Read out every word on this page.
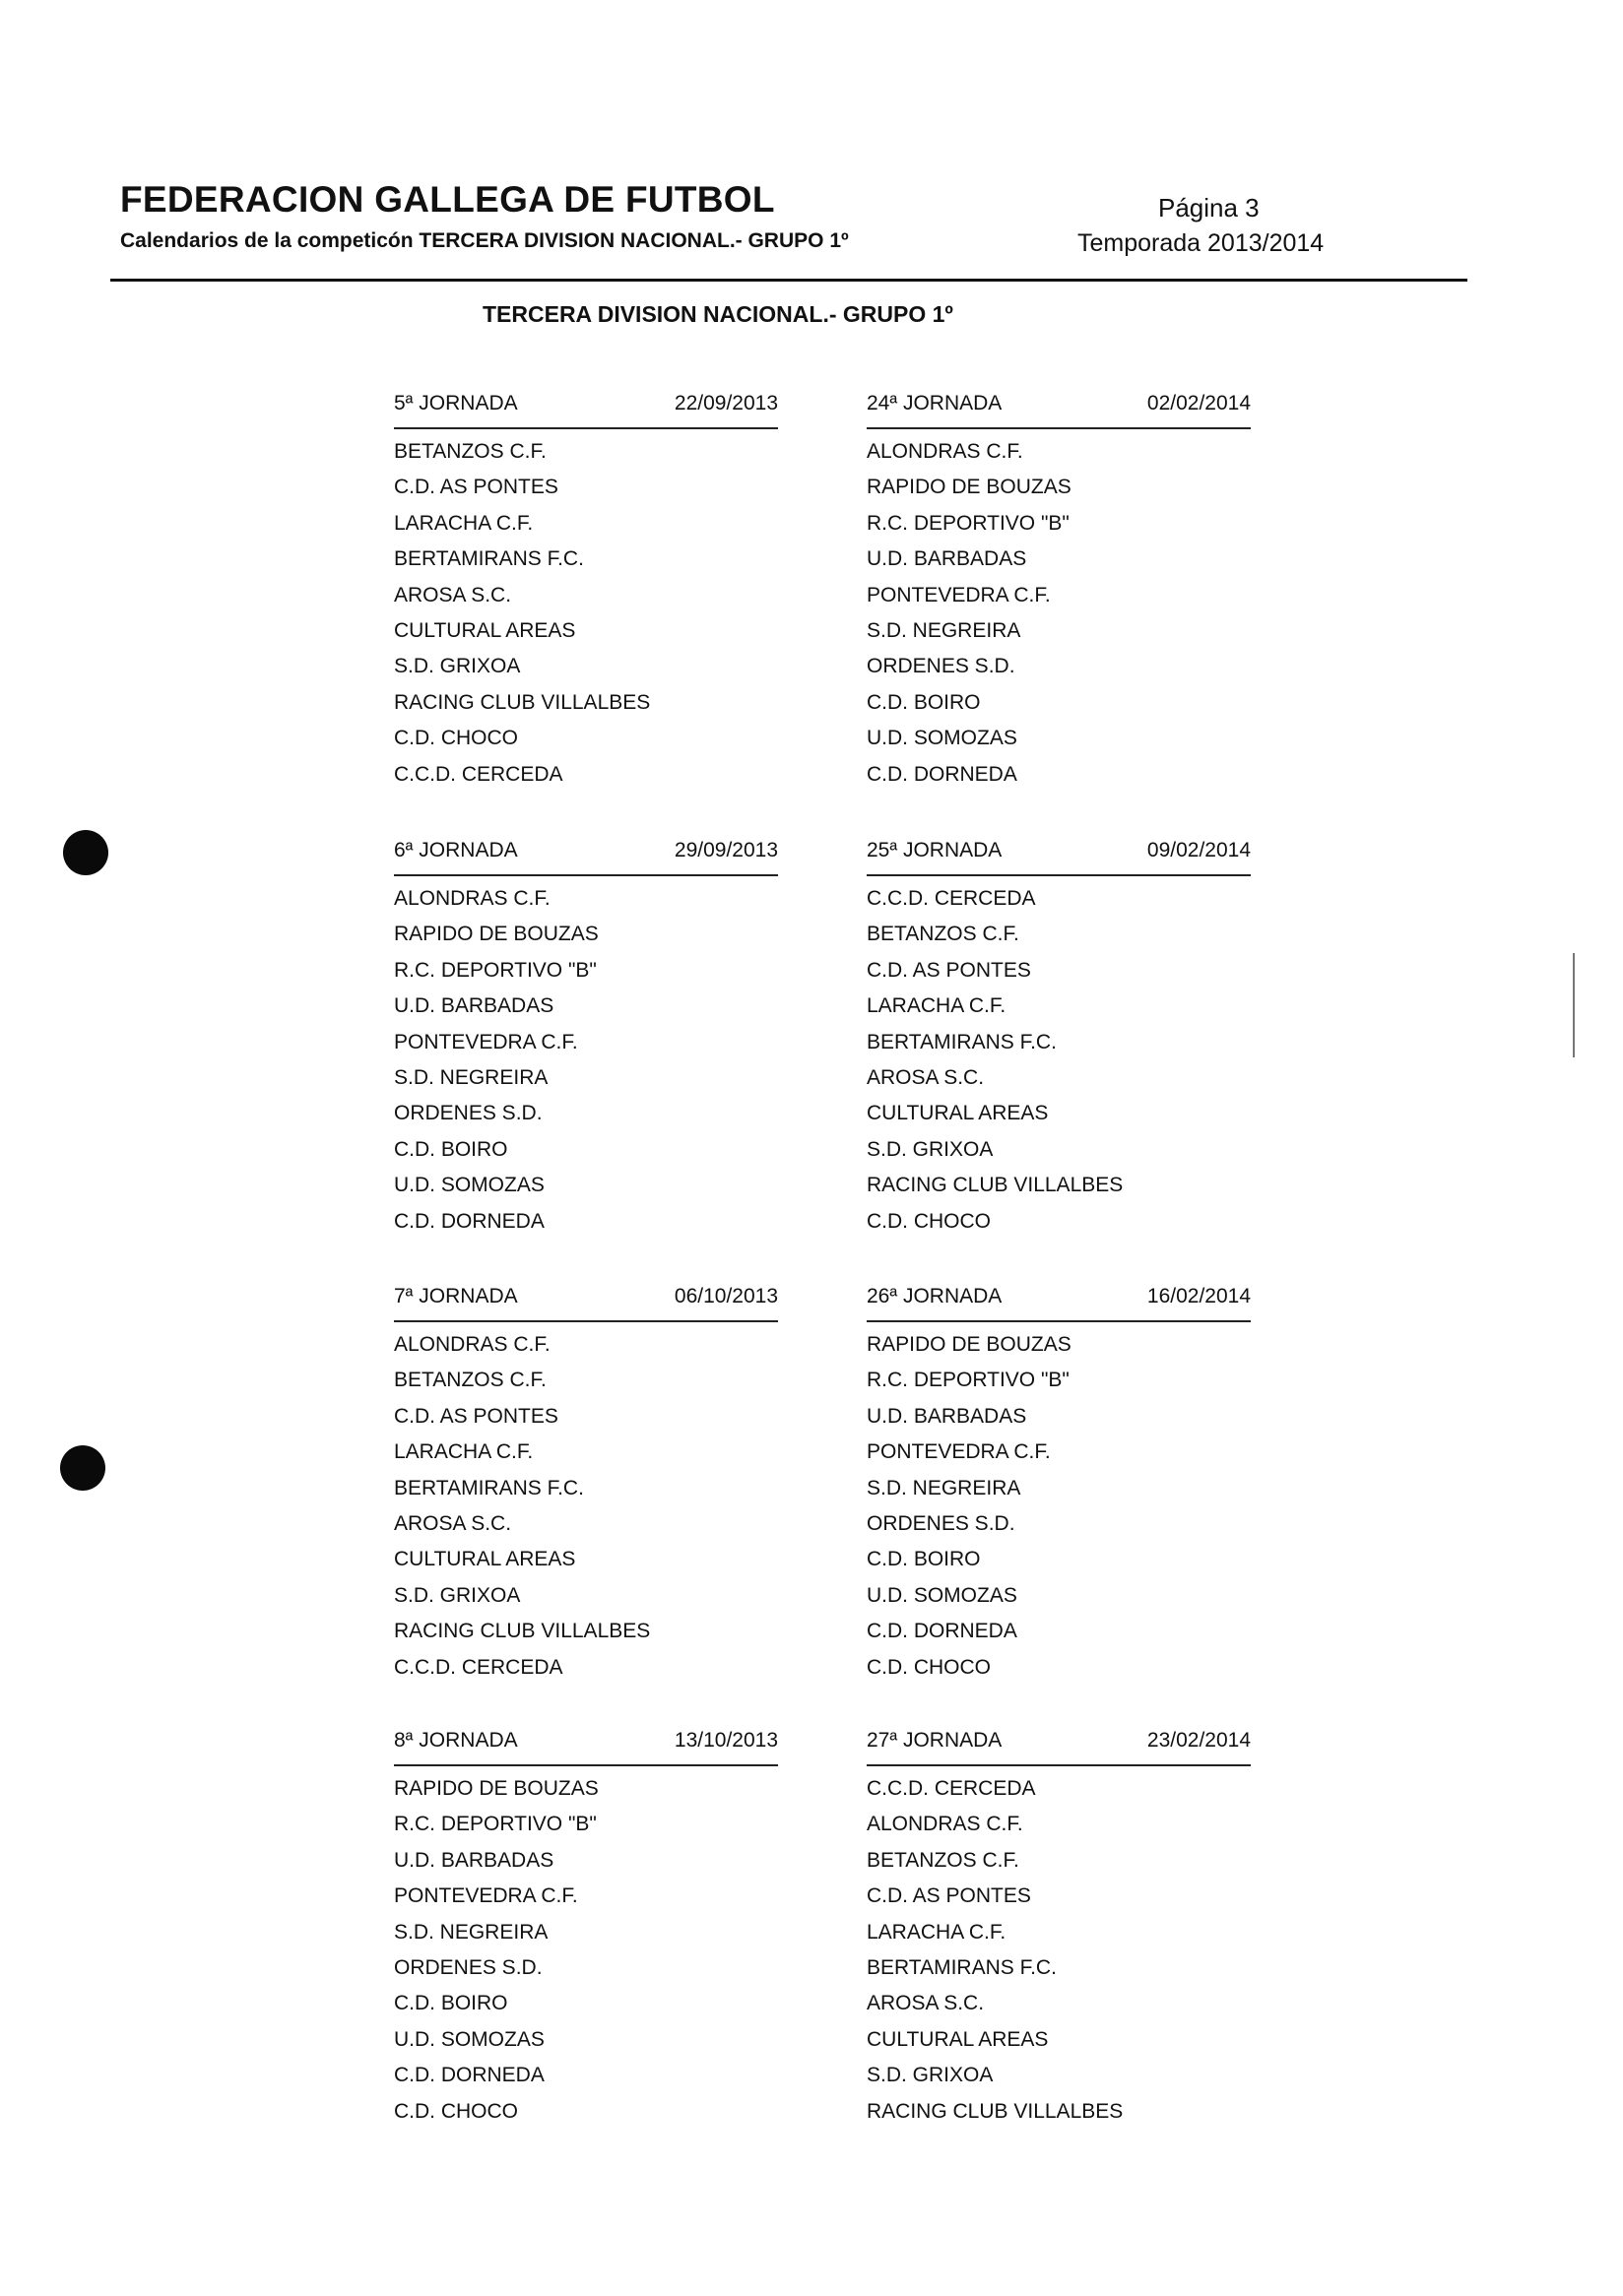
FEDERACION GALLEGA DE FUTBOL
Calendarios de la competicón TERCERA DIVISION NACIONAL.- GRUPO 1º
Página 3
Temporada 2013/2014
TERCERA DIVISION NACIONAL.- GRUPO 1º
5ª JORNADA	22/09/2013
BETANZOS C.F.
C.D. AS PONTES
LARACHA C.F.
BERTAMIRANS F.C.
AROSA S.C.
CULTURAL AREAS
S.D. GRIXOA
RACING CLUB VILLALBES
C.D. CHOCO
C.C.D. CERCEDA
24ª JORNADA	02/02/2014
ALONDRAS C.F.
RAPIDO DE BOUZAS
R.C. DEPORTIVO "B"
U.D. BARBADAS
PONTEVEDRA C.F.
S.D. NEGREIRA
ORDENES S.D.
C.D. BOIRO
U.D. SOMOZAS
C.D. DORNEDA
6ª JORNADA	29/09/2013
ALONDRAS C.F.
RAPIDO DE BOUZAS
R.C. DEPORTIVO "B"
U.D. BARBADAS
PONTEVEDRA C.F.
S.D. NEGREIRA
ORDENES S.D.
C.D. BOIRO
U.D. SOMOZAS
C.D. DORNEDA
25ª JORNADA	09/02/2014
C.C.D. CERCEDA
BETANZOS C.F.
C.D. AS PONTES
LARACHA C.F.
BERTAMIRANS F.C.
AROSA S.C.
CULTURAL AREAS
S.D. GRIXOA
RACING CLUB VILLALBES
C.D. CHOCO
7ª JORNADA	06/10/2013
ALONDRAS C.F.
BETANZOS C.F.
C.D. AS PONTES
LARACHA C.F.
BERTAMIRANS F.C.
AROSA S.C.
CULTURAL AREAS
S.D. GRIXOA
RACING CLUB VILLALBES
C.C.D. CERCEDA
26ª JORNADA	16/02/2014
RAPIDO DE BOUZAS
R.C. DEPORTIVO "B"
U.D. BARBADAS
PONTEVEDRA C.F.
S.D. NEGREIRA
ORDENES S.D.
C.D. BOIRO
U.D. SOMOZAS
C.D. DORNEDA
C.D. CHOCO
8ª JORNADA	13/10/2013
RAPIDO DE BOUZAS
R.C. DEPORTIVO "B"
U.D. BARBADAS
PONTEVEDRA C.F.
S.D. NEGREIRA
ORDENES S.D.
C.D. BOIRO
U.D. SOMOZAS
C.D. DORNEDA
C.D. CHOCO
27ª JORNADA	23/02/2014
C.C.D. CERCEDA
ALONDRAS C.F.
BETANZOS C.F.
C.D. AS PONTES
LARACHA C.F.
BERTAMIRANS F.C.
AROSA S.C.
CULTURAL AREAS
S.D. GRIXOA
RACING CLUB VILLALBES
